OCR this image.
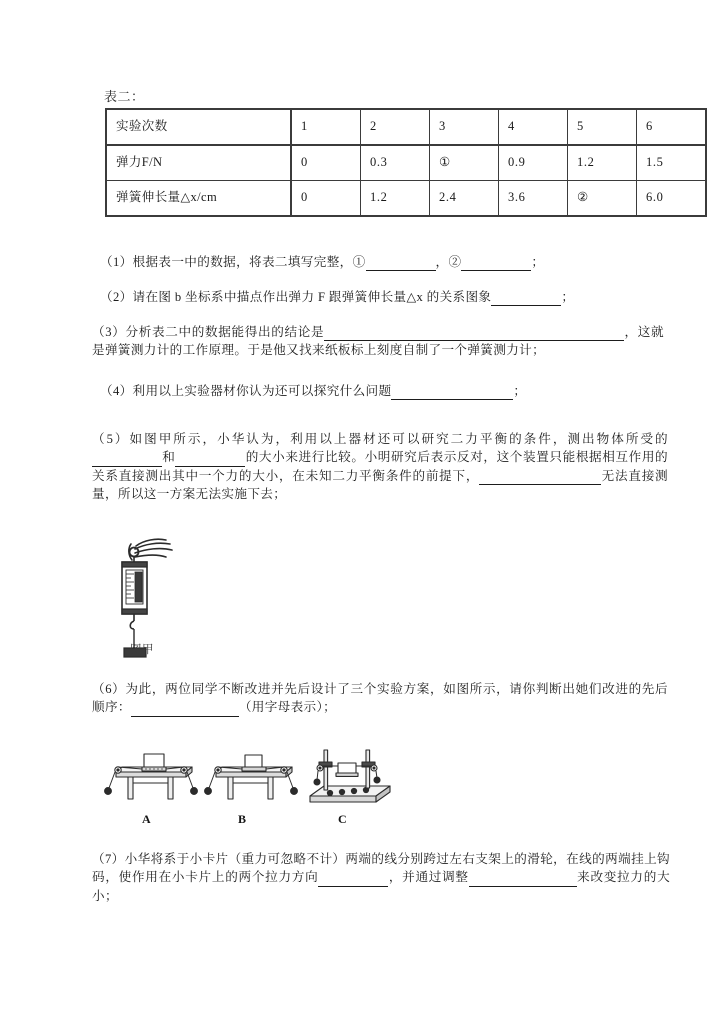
表二：
实验次数	1	2	3	4	5	6
弹力F/N	0	0.3	①	0.9	1.2	1.5
弹簧伸长量△x/cm	0	1.2	2.4	3.6	②	6.0
（1）根据表一中的数据，将表二填写完整，①	，②	；
（2）请在图 b 坐标系中描点作出弹力 F 跟弹簧伸长量△x 的关系图象	；
（3）分析表二中的数据能得出的结论是	，这就是弹簧测力计的工作原理。于是他又找来纸板标上刻度自制了一个弹簧测力计；
（4）利用以上实验器材你认为还可以探究什么问题	；
（5）如图甲所示，小华认为，利用以上器材还可以研究二力平衡的条件，测出物体所受的和	的大小来进行比较。小明研究后表示反对，这个装置只能根据相互作用的关系直接测出其中一个力的大小，在未知二力平衡条件的前提下，	无法直接测量，所以这一方案无法实施下去；
图甲
A	B	C
（6）为此，两位同学不断改进并先后设计了三个实验方案，如图所示，请你判断出她们改进的先后顺序：	（用字母表示）；
（7）小华将系于小卡片（重力可忽略不计）两端的线分别跨过左右支架上的滑轮，在线的两端挂上钩码，使作用在小卡片上的两个拉力方向	，并通过调整	来改变拉力的大小；
